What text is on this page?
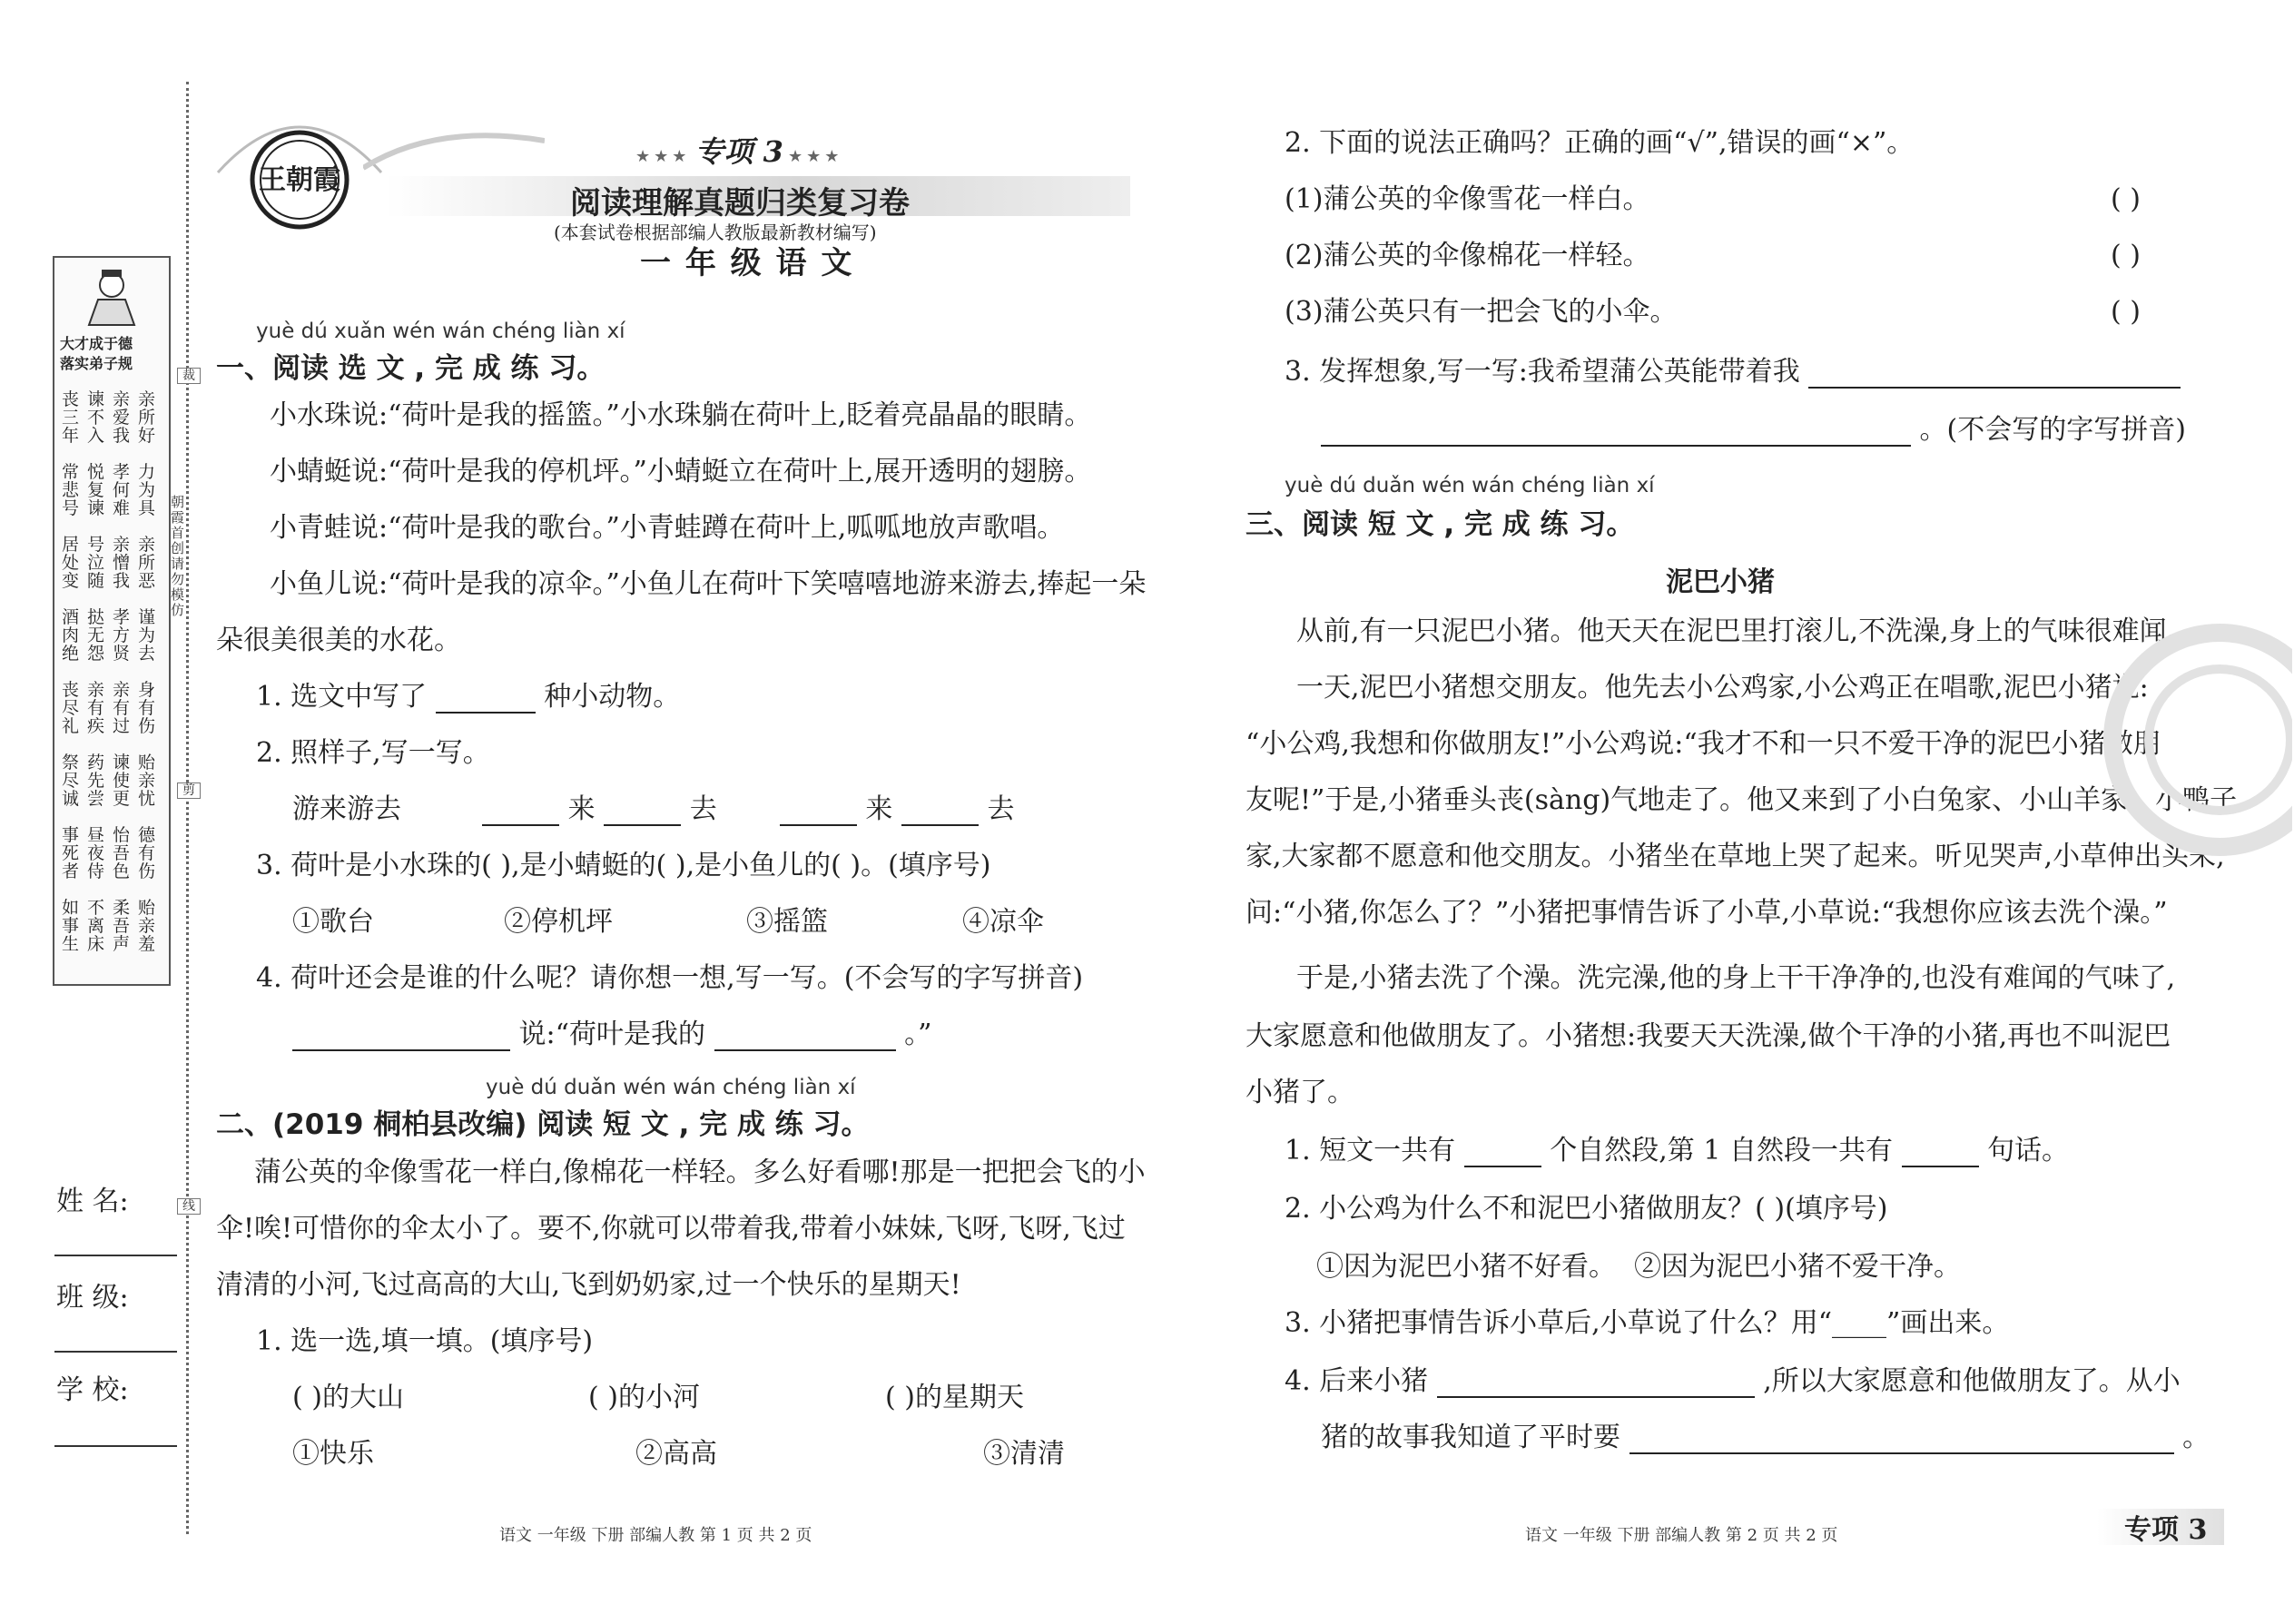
裁
剪
线
朝霞首创 请勿模仿
大才成于德
落实弟子规
丧三年
谏不入
亲爱我
亲所好
常悲号
悦复谏
孝何难
力为具
居处变
号泣随
亲憎我
亲所恶
酒肉绝
挞无怨
孝方贤
谨为去
丧尽礼
亲有疾
亲有过
身有伤
祭尽诚
药先尝
谏使更
贻亲忧
事死者
昼夜侍
怡吾色
德有伤
如事生
不离床
柔吾声
贻亲羞
姓 名:
班 级:
学 校:
王朝霞
★★★ 专项 3 ★★★
阅读理解真题归类复习卷
(本套试卷根据部编人教版最新教材编写)
一 年 级 语 文
yuè dú xuǎn wén wán chéng liàn xí
一、阅读 选 文 , 完 成 练 习。
小水珠说:“荷叶是我的摇篮。”小水珠躺在荷叶上,眨着亮晶晶的眼睛。
小蜻蜓说:“荷叶是我的停机坪。”小蜻蜓立在荷叶上,展开透明的翅膀。
小青蛙说:“荷叶是我的歌台。”小青蛙蹲在荷叶上,呱呱地放声歌唱。
小鱼儿说:“荷叶是我的凉伞。”小鱼儿在荷叶下笑嘻嘻地游来游去,捧起一朵
朵很美很美的水花。
1. 选文中写了	种小动物。
2. 照样子,写一写。
游来游去	来	去	来	去
3. 荷叶是小水珠的( ),是小蜻蜓的( ),是小鱼儿的( )。(填序号)
①歌台	②停机坪	③摇篮	④凉伞
4. 荷叶还会是谁的什么呢？请你想一想,写一写。(不会写的字写拼音)
说:“荷叶是我的	。”
yuè dú duǎn wén wán chéng liàn xí
二、(2019 桐柏县改编) 阅读 短 文 , 完 成 练 习。
蒲公英的伞像雪花一样白,像棉花一样轻。多么好看哪!那是一把把会飞的小
伞!唉!可惜你的伞太小了。要不,你就可以带着我,带着小妹妹,飞呀,飞呀,飞过
清清的小河,飞过高高的大山,飞到奶奶家,过一个快乐的星期天!
1. 选一选,填一填。(填序号)
( )的大山	( )的小河	( )的星期天
①快乐	②高高	③清清
2. 下面的说法正确吗？正确的画“√”,错误的画“×”。
(1)蒲公英的伞像雪花一样白。	( )
(2)蒲公英的伞像棉花一样轻。	( )
(3)蒲公英只有一把会飞的小伞。	( )
3. 发挥想象,写一写:我希望蒲公英能带着我
。(不会写的字写拼音)
yuè dú duǎn wén wán chéng liàn xí
三、阅读 短 文 , 完 成 练 习。
泥巴小猪
从前,有一只泥巴小猪。他天天在泥巴里打滚儿,不洗澡,身上的气味很难闻。
一天,泥巴小猪想交朋友。他先去小公鸡家,小公鸡正在唱歌,泥巴小猪说:
“小公鸡,我想和你做朋友!”小公鸡说:“我才不和一只不爱干净的泥巴小猪做朋
友呢!”于是,小猪垂头丧(sàng)气地走了。他又来到了小白兔家、小山羊家、小鸭子
家,大家都不愿意和他交朋友。小猪坐在草地上哭了起来。听见哭声,小草伸出头来,
问:“小猪,你怎么了？”小猪把事情告诉了小草,小草说:“我想你应该去洗个澡。”
于是,小猪去洗了个澡。洗完澡,他的身上干干净净的,也没有难闻的气味了,
大家愿意和他做朋友了。小猪想:我要天天洗澡,做个干净的小猪,再也不叫泥巴
小猪了。
1. 短文一共有	个自然段,第 1 自然段一共有	句话。
2. 小公鸡为什么不和泥巴小猪做朋友？( )(填序号)
①因为泥巴小猪不好看。 ②因为泥巴小猪不爱干净。
3. 小猪把事情告诉小草后,小草说了什么？用“____”画出来。
4. 后来小猪	,所以大家愿意和他做朋友了。从小
猪的故事我知道了平时要	。
语文 一年级 下册 部编人教 第 1 页 共 2 页	语文 一年级 下册 部编人教 第 2 页 共 2 页	专项 3
